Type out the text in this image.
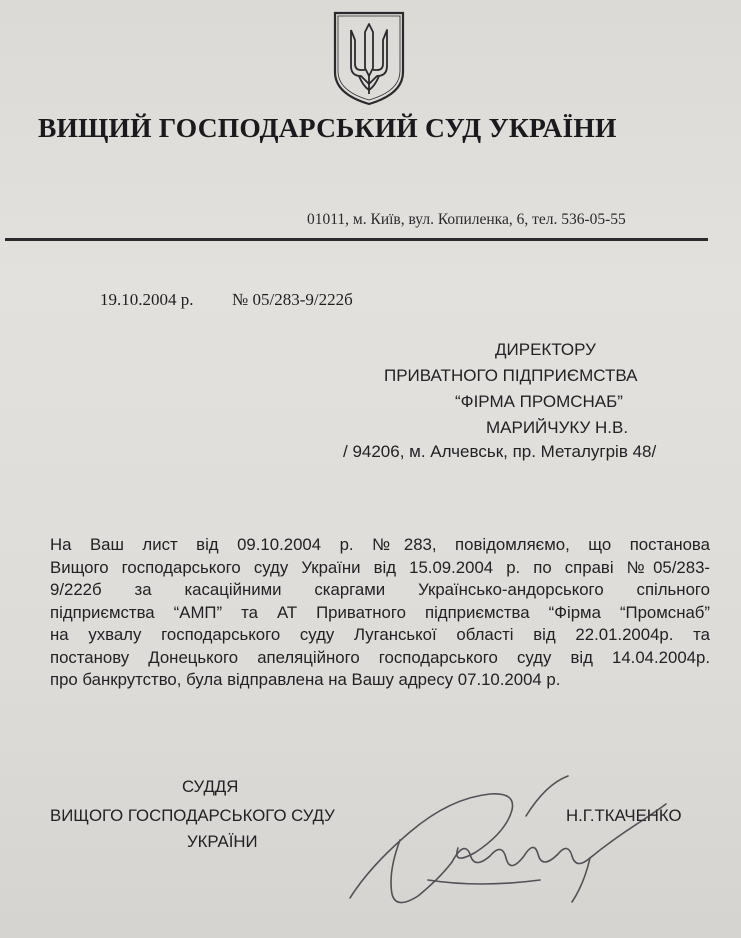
ВИЩИЙ ГОСПОДАРСЬКИЙ СУД УКРАЇНИ
01011, м. Київ, вул. Копиленка, 6, тел. 536-05-55
19.10.2004 р. № 05/283-9/222б
ДИРЕКТОРУ
ПРИВАТНОГО ПІДПРИЄМСТВА
“ФІРМА ПРОМСНАБ”
МАРИЙЧУКУ Н.В.
/ 94206, м. Алчевськ, пр. Металугрів 48/
На Ваш лист від 09.10.2004 р. №283, повідомляємо, що постанова
Вищого господарського суду України від 15.09.2004 р. по справі №05/283-
9/222б за касаційними скаргами Українсько-андорського спільного
підприємства “АМП” та АТ Приватного підприємства “Фірма “Промснаб”
на ухвалу господарського суду Луганської області від 22.01.2004р. та
постанову Донецького апеляційного господарського суду від 14.04.2004р.
про банкрутство, була відправлена на Вашу адресу 07.10.2004 р.
СУДДЯ
ВИЩОГО ГОСПОДАРСЬКОГО СУДУ
УКРАЇНИ
Н.Г.ТКАЧЕНКО
